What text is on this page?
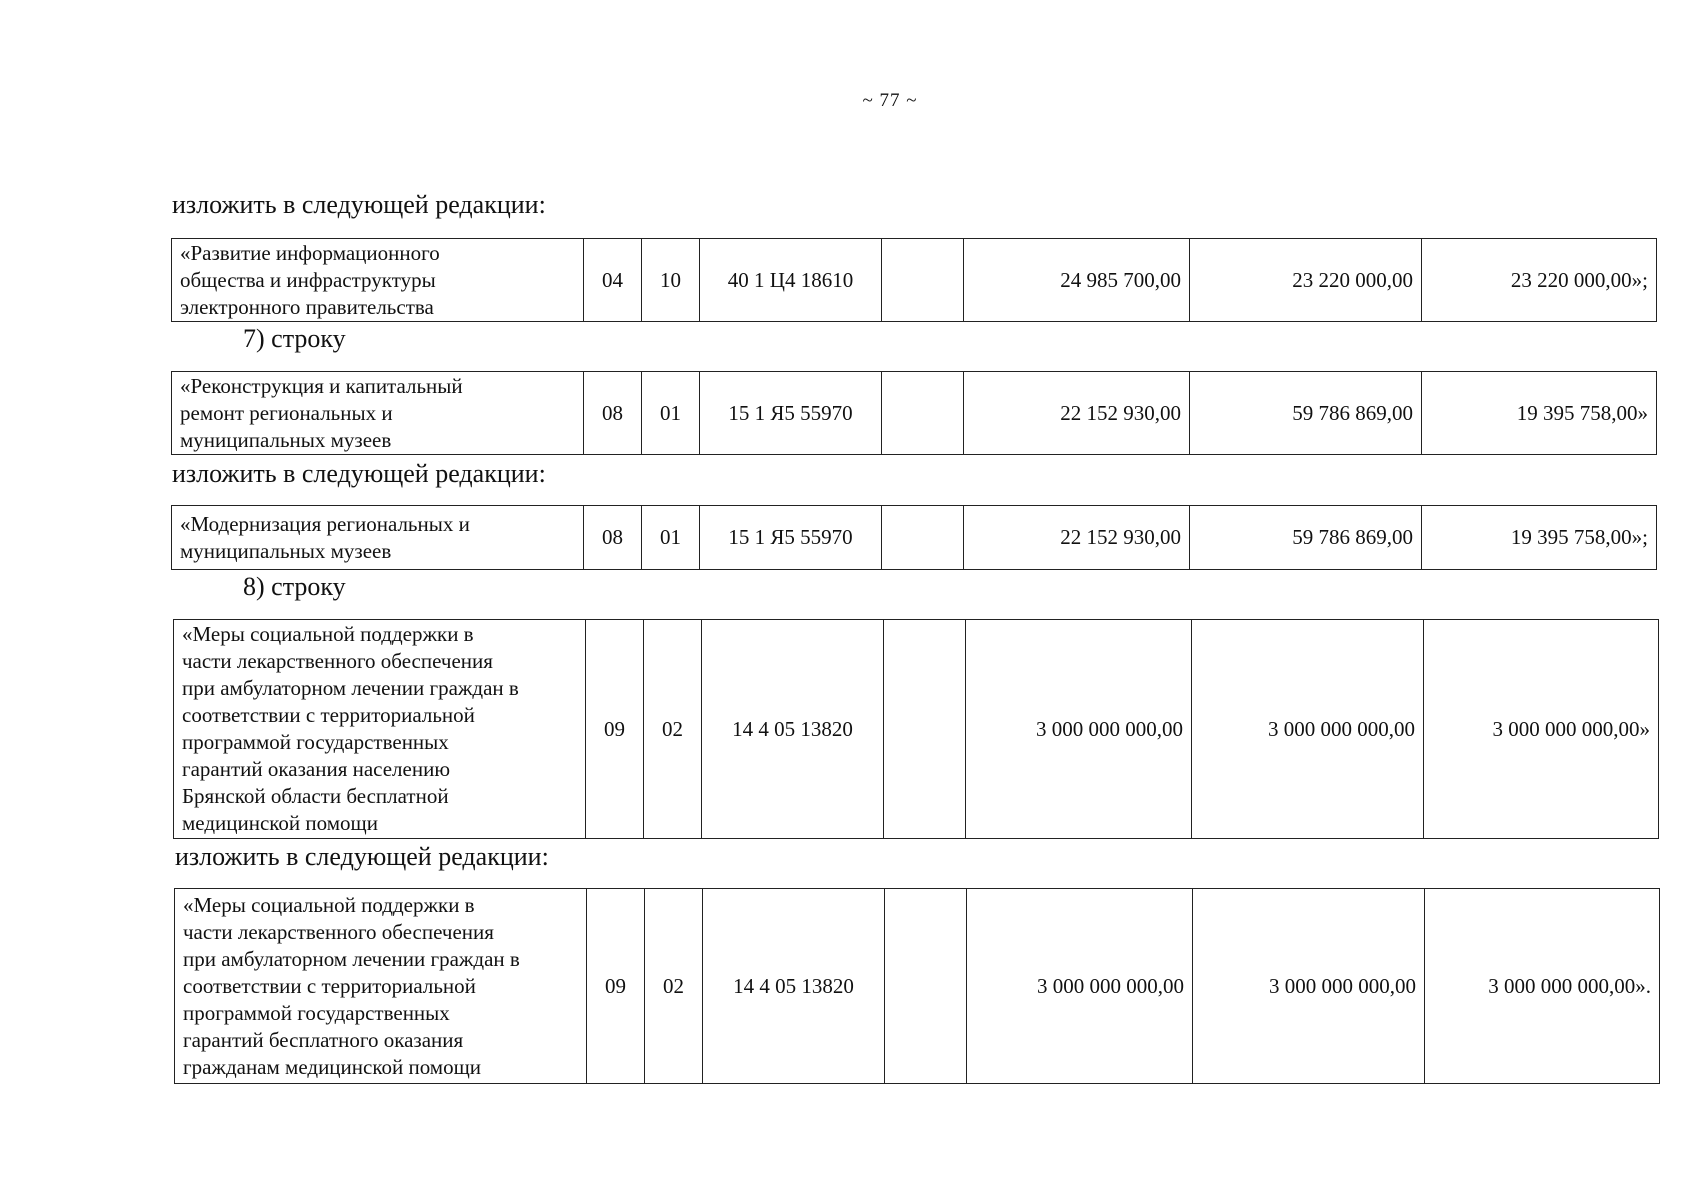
~ 77 ~
изложить в следующей редакции:
«Развитие информационного
общества и инфраструктуры
электронного правительства
	04	10	40 1 Ц4 18610		24 985 700,00	23 220 000,00	23 220 000,00»;
7) строку
«Реконструкция и капитальный
ремонт региональных и
муниципальных музеев
	08	01	15 1 Я5 55970		22 152 930,00	59 786 869,00	19 395 758,00»
изложить в следующей редакции:
«Модернизация региональных и
муниципальных музеев
	08	01	15 1 Я5 55970		22 152 930,00	59 786 869,00	19 395 758,00»;
8) строку
«Меры социальной поддержки в
части лекарственного обеспечения
при амбулаторном лечении граждан в
соответствии с территориальной
программой государственных
гарантий оказания населению
Брянской области бесплатной
медицинской помощи
	09	02	14 4 05 13820		3 000 000 000,00	3 000 000 000,00	3 000 000 000,00»
изложить в следующей редакции:
«Меры социальной поддержки в
части лекарственного обеспечения
при амбулаторном лечении граждан в
соответствии с территориальной
программой государственных
гарантий бесплатного оказания
гражданам медицинской помощи
	09	02	14 4 05 13820		3 000 000 000,00	3 000 000 000,00	3 000 000 000,00».
